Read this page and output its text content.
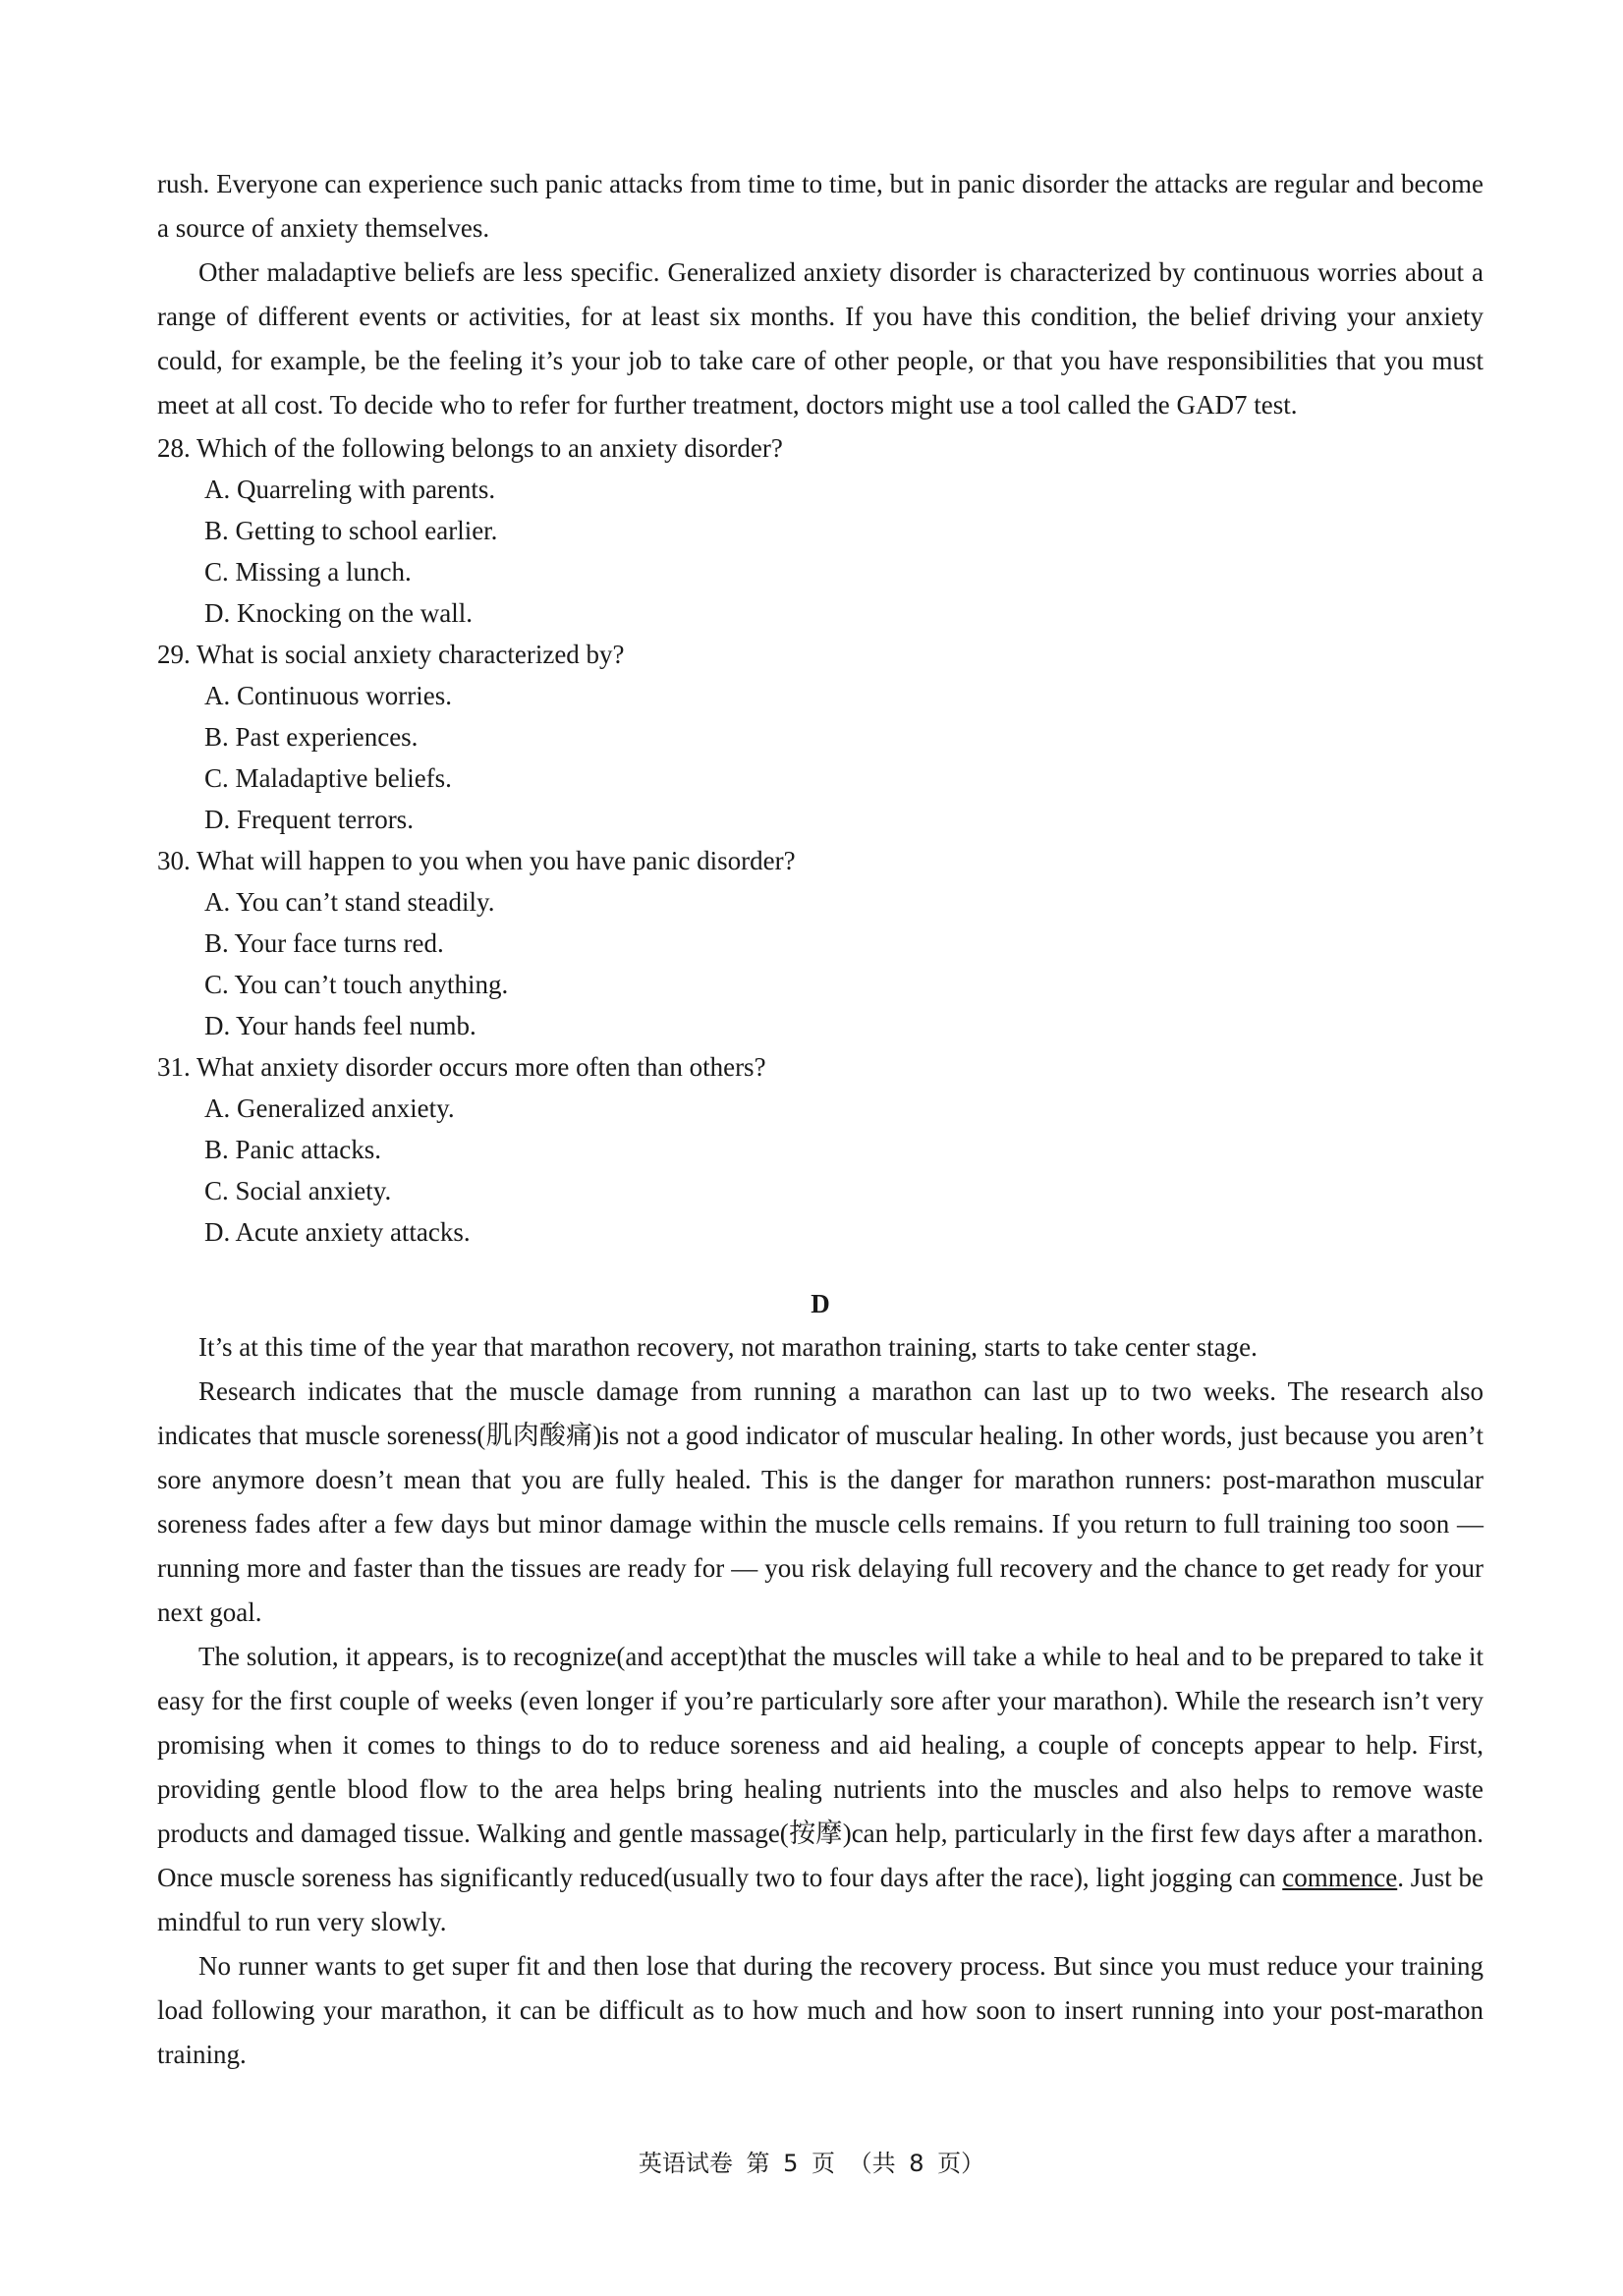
rush. Everyone can experience such panic attacks from time to time, but in panic disorder the attacks are regular and become a source of anxiety themselves.

Other maladaptive beliefs are less specific. Generalized anxiety disorder is characterized by continuous worries about a range of different events or activities, for at least six months. If you have this condition, the belief driving your anxiety could, for example, be the feeling it’s your job to take care of other people, or that you have responsibilities that you must meet at all cost. To decide who to refer for further treatment, doctors might use a tool called the GAD7 test.

28. Which of the following belongs to an anxiety disorder?

A. Quarreling with parents.

B. Getting to school earlier.

C. Missing a lunch.

D. Knocking on the wall.

29. What is social anxiety characterized by?

A. Continuous worries.

B. Past experiences.

C. Maladaptive beliefs.

D. Frequent terrors.

30. What will happen to you when you have panic disorder?

A. You can’t stand steadily.

B. Your face turns red.

C. You can’t touch anything.

D. Your hands feel numb.

31. What anxiety disorder occurs more often than others?

A. Generalized anxiety.

B. Panic attacks.

C. Social anxiety.

D. Acute anxiety attacks.

D

It’s at this time of the year that marathon recovery, not marathon training, starts to take center stage.

Research indicates that the muscle damage from running a marathon can last up to two weeks. The research also indicates that muscle soreness(肌肉酸痛)is not a good indicator of muscular healing. In other words, just because you aren’t sore anymore doesn’t mean that you are fully healed. This is the danger for marathon runners: post-marathon muscular soreness fades after a few days but minor damage within the muscle cells remains. If you return to full training too soon — running more and faster than the tissues are ready for — you risk delaying full recovery and the chance to get ready for your next goal.

The solution, it appears, is to recognize(and accept)that the muscles will take a while to heal and to be prepared to take it easy for the first couple of weeks (even longer if you’re particularly sore after your marathon). While the research isn’t very promising when it comes to things to do to reduce soreness and aid healing, a couple of concepts appear to help. First, providing gentle blood flow to the area helps bring healing nutrients into the muscles and also helps to remove waste products and damaged tissue. Walking and gentle massage(按摩)can help, particularly in the first few days after a marathon. Once muscle soreness has significantly reduced(usually two to four days after the race), light jogging can commence. Just be mindful to run very slowly.

No runner wants to get super fit and then lose that during the recovery process. But since you must reduce your training load following your marathon, it can be difficult as to how much and how soon to insert running into your post-marathon training.

英语试卷 第 5 页 （共 8 页）
